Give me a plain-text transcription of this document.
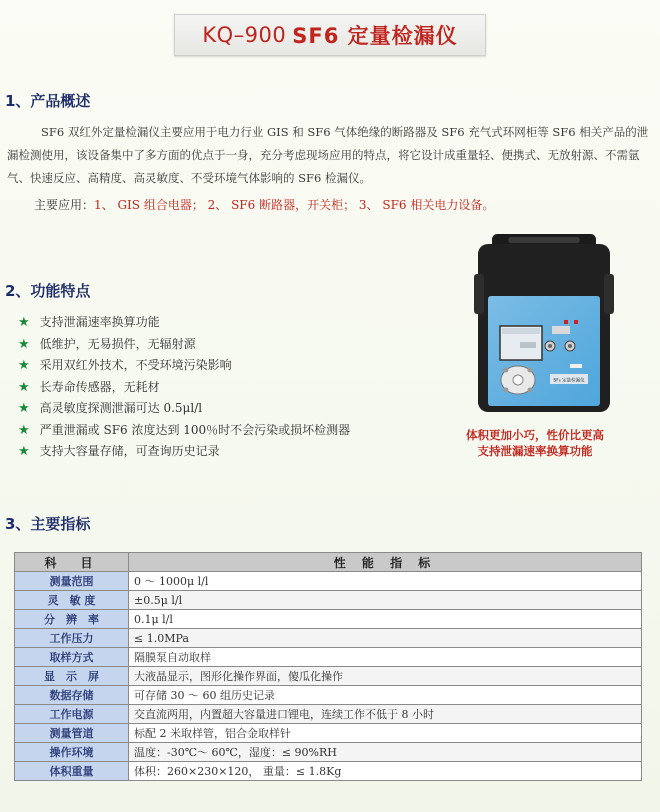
KQ–900 SF6 定量检漏仪
1、产品概述

SF6 双红外定量检漏仪主要应用于电力行业 GIS 和 SF6 气体绝缘的断路器及 SF6 充气式环网柜等 SF6 相关产品的泄漏检测使用，该设备集中了多方面的优点于一身，充分考虑现场应用的特点，将它设计成重量轻、便携式、无放射源、不需氩气、快速反应、高精度、高灵敏度、不受环境气体影响的 SF6 检漏仪。

主要应用：1、 GIS 组合电器； 2、 SF6 断路器，开关柜； 3、 SF6 相关电力设备。
2、功能特点
★ 支持泄漏速率换算功能
★ 低维护，无易损件，无辐射源
★ 采用双红外技术，不受环境污染影响
★ 长寿命传感器，无耗材
★ 高灵敏度探测泄漏可达 0.5μl/l
★ 严重泄漏或 SF6 浓度达到 100％时不会污染或损坏检测器
★ 支持大容量存储，可查询历史记录
SF₆ 定量检漏仪
体积更加小巧，性价比更高
支持泄漏速率换算功能
3、主要指标
科　目	性 能 指 标
测量范围	0 ～ 1000μ l/l
灵　敏 度	±0.5μ l/l
分　辨　率	0.1μ l/l
工作压力	≤ 1.0MPa
取样方式	隔膜泵自动取样
显　示　屏	大液晶显示，图形化操作界面，傻瓜化操作
数据存储	可存储 30 ～ 60 组历史记录
工作电源	交直流两用，内置超大容量进口锂电，连续工作不低于 8 小时
测量管道	标配 2 米取样管，铝合金取样针
操作环境	温度：-30℃～ 60℃，湿度：≤ 90%RH
体积重量	体积：260×230×120， 重量：≤ 1.8Kg
